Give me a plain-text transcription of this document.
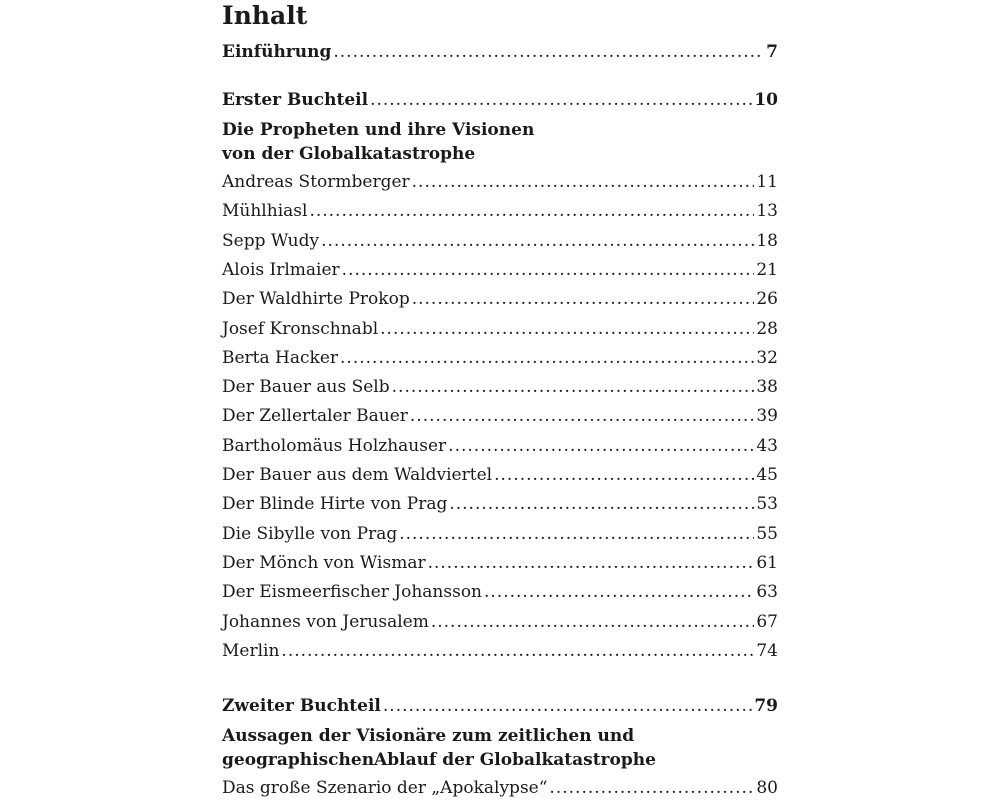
Inhalt
Einführung .....	7
Erster Buchteil .....	10
Die Propheten und ihre Visionen
von der Globalkatastrophe
Andreas Stormberger .....	11
Mühlhiasl .....	13
Sepp Wudy .....	18
Alois Irlmaier .....	21
Der Waldhirte Prokop .....	26
Josef Kronschnabl .....	28
Berta Hacker .....	32
Der Bauer aus Selb .....	38
Der Zellertaler Bauer .....	39
Bartholomäus Holzhauser .....	43
Der Bauer aus dem Waldviertel .....	45
Der Blinde Hirte von Prag .....	53
Die Sibylle von Prag .....	55
Der Mönch von Wismar .....	61
Der Eismeerfischer Johansson .....	63
Johannes von Jerusalem .....	67
Merlin .....	74
Zweiter Buchteil .....	79
Aussagen der Visionäre zum zeitlichen und
geographischenAblauf der Globalkatastrophe
Das große Szenario der „Apokalypse“ .....	80
